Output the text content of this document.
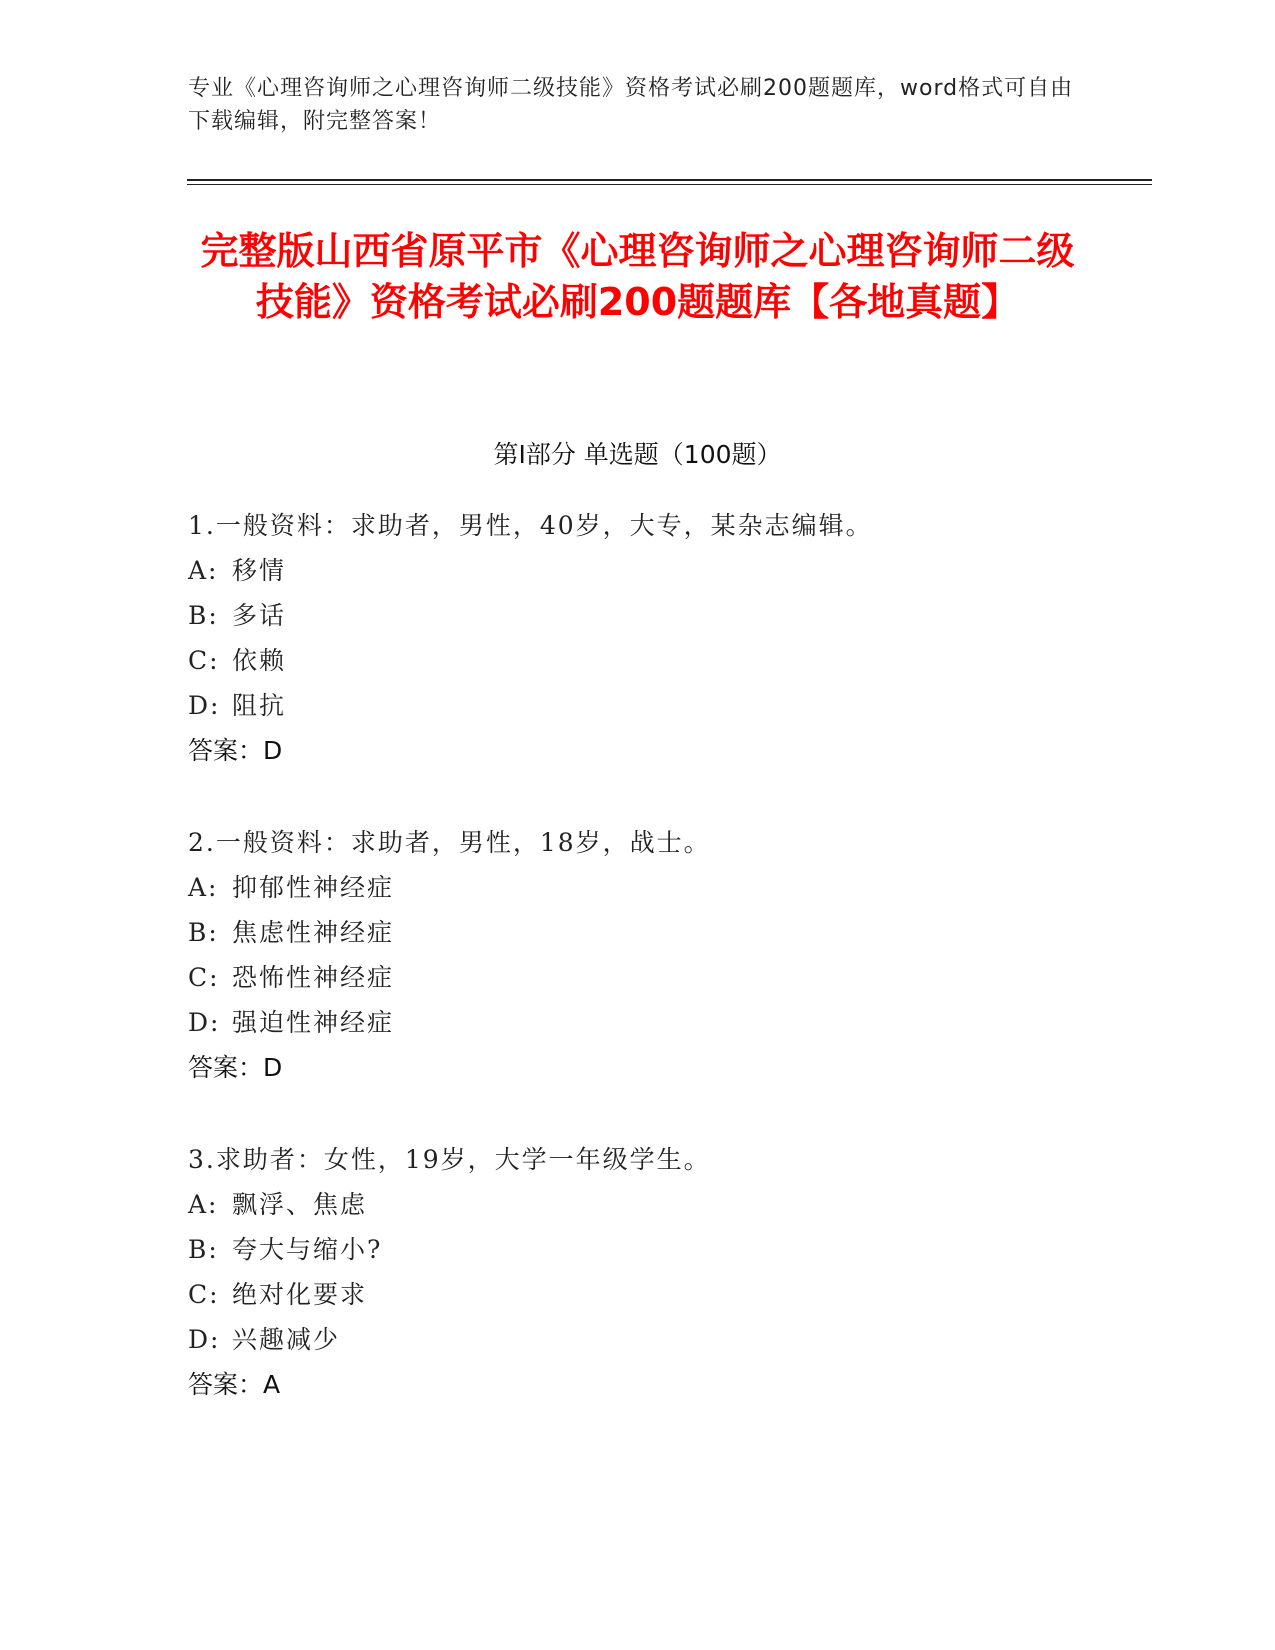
专业《心理咨询师之心理咨询师二级技能》资格考试必刷200题题库，word格式可自由下载编辑，附完整答案！
完整版山西省原平市《心理咨询师之心理咨询师二级技能》资格考试必刷200题题库【各地真题】
第Ⅰ部分 单选题（100题）
1.一般资料：求助者，男性，40岁，大专，某杂志编辑。
A: 移情
B: 多话
C: 依赖
D: 阻抗
答案：D
2.一般资料：求助者，男性，18岁，战士。
A: 抑郁性神经症
B: 焦虑性神经症
C: 恐怖性神经症
D: 强迫性神经症
答案：D
3.求助者：女性，19岁，大学一年级学生。
A: 飘浮、焦虑
B: 夸大与缩小?
C: 绝对化要求
D: 兴趣减少
答案：A
